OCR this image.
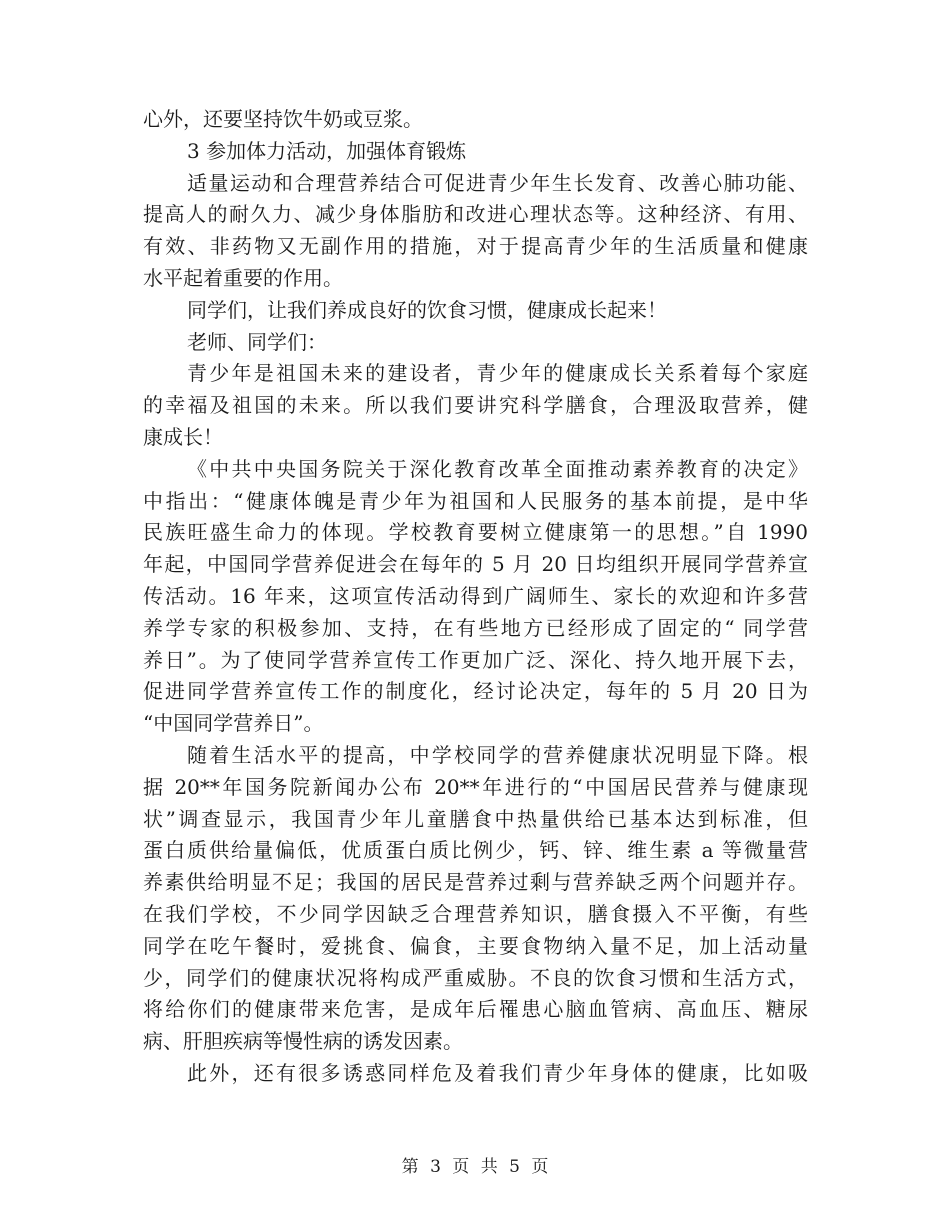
心外，还要坚持饮牛奶或豆浆。
3 参加体力活动，加强体育锻炼
适量运动和合理营养结合可促进青少年生长发育、改善心肺功能、
提高人的耐久力、减少身体脂肪和改进心理状态等。这种经济、有用、
有效、非药物又无副作用的措施，对于提高青少年的生活质量和健康
水平起着重要的作用。
同学们，让我们养成良好的饮食习惯，健康成长起来！
老师、同学们：
青少年是祖国未来的建设者，青少年的健康成长关系着每个家庭
的幸福及祖国的未来。所以我们要讲究科学膳食，合理汲取营养，健
康成长！
《中共中央国务院关于深化教育改革全面推动素养教育的决定》
中指出：“健康体魄是青少年为祖国和人民服务的基本前提，是中华
民族旺盛生命力的体现。学校教育要树立健康第一的思想。”自 1990
年起，中国同学营养促进会在每年的 5 月 20 日均组织开展同学营养宣
传活动。16 年来，这项宣传活动得到广阔师生、家长的欢迎和许多营
养学专家的积极参加、支持，在有些地方已经形成了固定的“ 同学营
养日”。为了使同学营养宣传工作更加广泛、深化、持久地开展下去，
促进同学营养宣传工作的制度化，经讨论决定，每年的 5 月 20 日为
“中国同学营养日”。
随着生活水平的提高，中学校同学的营养健康状况明显下降。根
据 20**年国务院新闻办公布 20**年进行的“中国居民营养与健康现
状”调查显示，我国青少年儿童膳食中热量供给已基本达到标准，但
蛋白质供给量偏低，优质蛋白质比例少，钙、锌、维生素 a 等微量营
养素供给明显不足；我国的居民是营养过剩与营养缺乏两个问题并存。
在我们学校，不少同学因缺乏合理营养知识，膳食摄入不平衡，有些
同学在吃午餐时，爱挑食、偏食，主要食物纳入量不足，加上活动量
少，同学们的健康状况将构成严重威胁。不良的饮食习惯和生活方式，
将给你们的健康带来危害，是成年后罹患心脑血管病、高血压、糖尿
病、肝胆疾病等慢性病的诱发因素。
此外，还有很多诱惑同样危及着我们青少年身体的健康，比如吸
第 3 页 共 5 页
